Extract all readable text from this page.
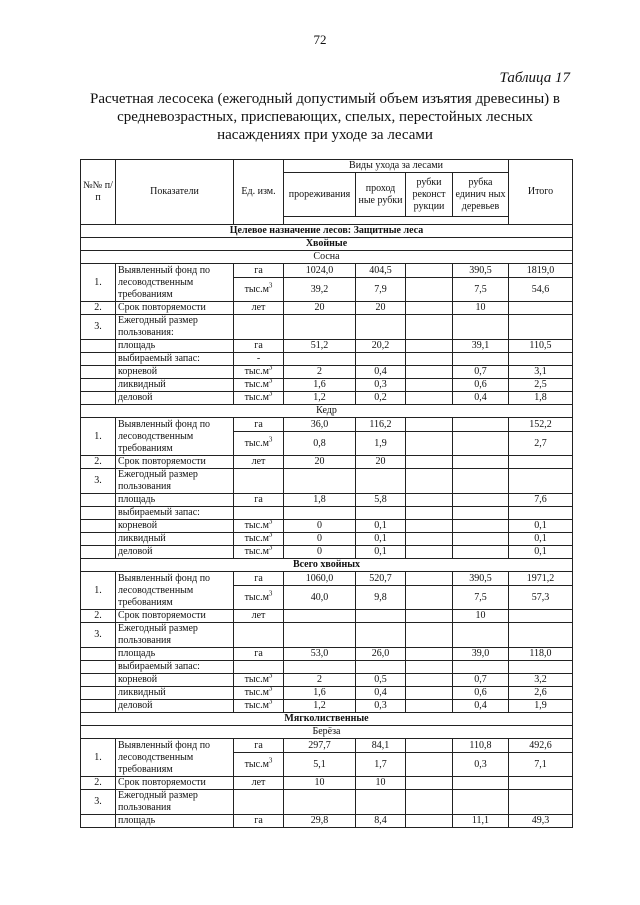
72
Таблица 17
Расчетная лесосека (ежегодный допустимый объем изъятия древесины) в
средневозрастных, приспевающих, спелых, перестойных лесных
насаждениях при уходе за лесами
№№ п/п	Показатели	Ед. изм.	Виды ухода за лесами				Итого
			прореживания	проход ные рубки	рубки реконст рукции	рубка единич ных деревьев	

Целевое назначение лесов: Защитные леса							
Хвойные							
Сосна							
1.	Выявленный фонд по лесоводственным требованиям	га	1024,0	404,5		390,5	1819,0
		$тыс.м^3$	39,2	7,9		7,5	54,6

2.	Срок повторяемости	лет	20	20		10	
3.	Ежегодный размер пользования:						
	площадь	га	51,2	20,2		39,1	110,5
	выбираемый запас:	-					
	корневой	$тыс.м^3$	2	0,4		0,7	3,1
	ликвидный	$тыс.м^3$	1,6	0,3		0,6	2,5
	деловой	$тыс.м^3$	1,2	0,2		0,4	1,8
Кедр							
1.	Выявленный фонд по лесоводственным требованиям	га	36,0	116,2			152,2
		$тыс.м^3$	0,8	1,9			2,7

2.	Срок повторяемости	лет	20	20			
3.	Ежегодный размер пользования						
	площадь	га	1,8	5,8			7,6
	выбираемый запас:						
	корневой	$тыс.м^3$	0	0,1			0,1
	ликвидный	$тыс.м^3$	0	0,1			0,1
	деловой	$тыс.м^3$	0	0,1			0,1
Всего хвойных							
1.	Выявленный фонд по лесоводственным требованиям	га	1060,0	520,7		390,5	1971,2
		$тыс.м^3$	40,0	9,8		7,5	57,3

2.	Срок повторяемости	лет				10	
3.	Ежегодный размер пользования						
	площадь	га	53,0	26,0		39,0	118,0
	выбираемый запас:						
	корневой	$тыс.м^3$	2	0,5		0,7	3,2
	ликвидный	$тыс.м^3$	1,6	0,4		0,6	2,6
	деловой	$тыс.м^3$	1,2	0,3		0,4	1,9
Мягколиственные							
Берёза							
1.	Выявленный фонд по лесоводственным требованиям	га	297,7	84,1		110,8	492,6
		$тыс.м^3$	5,1	1,7		0,3	7,1

2.	Срок повторяемости	лет	10	10			
3.	Ежегодный размер пользования						
	площадь	га	29,8	8,4		11,1	49,3
